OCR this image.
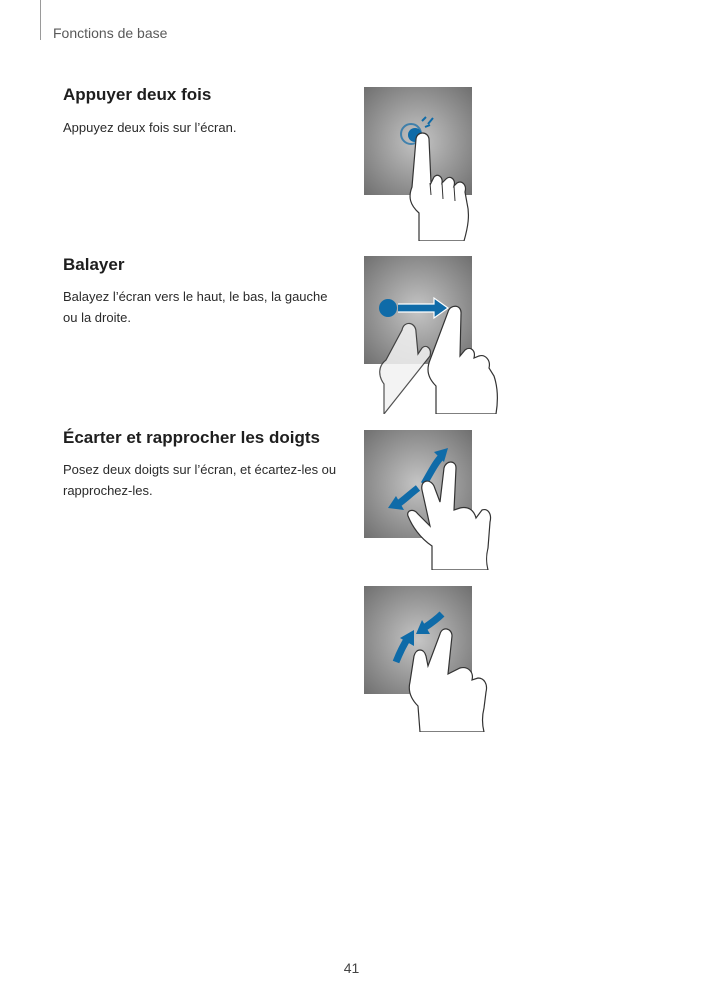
Fonctions de base
Appuyer deux fois

Appuyez deux fois sur l’écran.

Balayer

Balayez l’écran vers le haut, le bas, la gauche ou la droite.

Écarter et rapprocher les doigts

Posez deux doigts sur l’écran, et écartez-les ou rapprochez-les.

41
